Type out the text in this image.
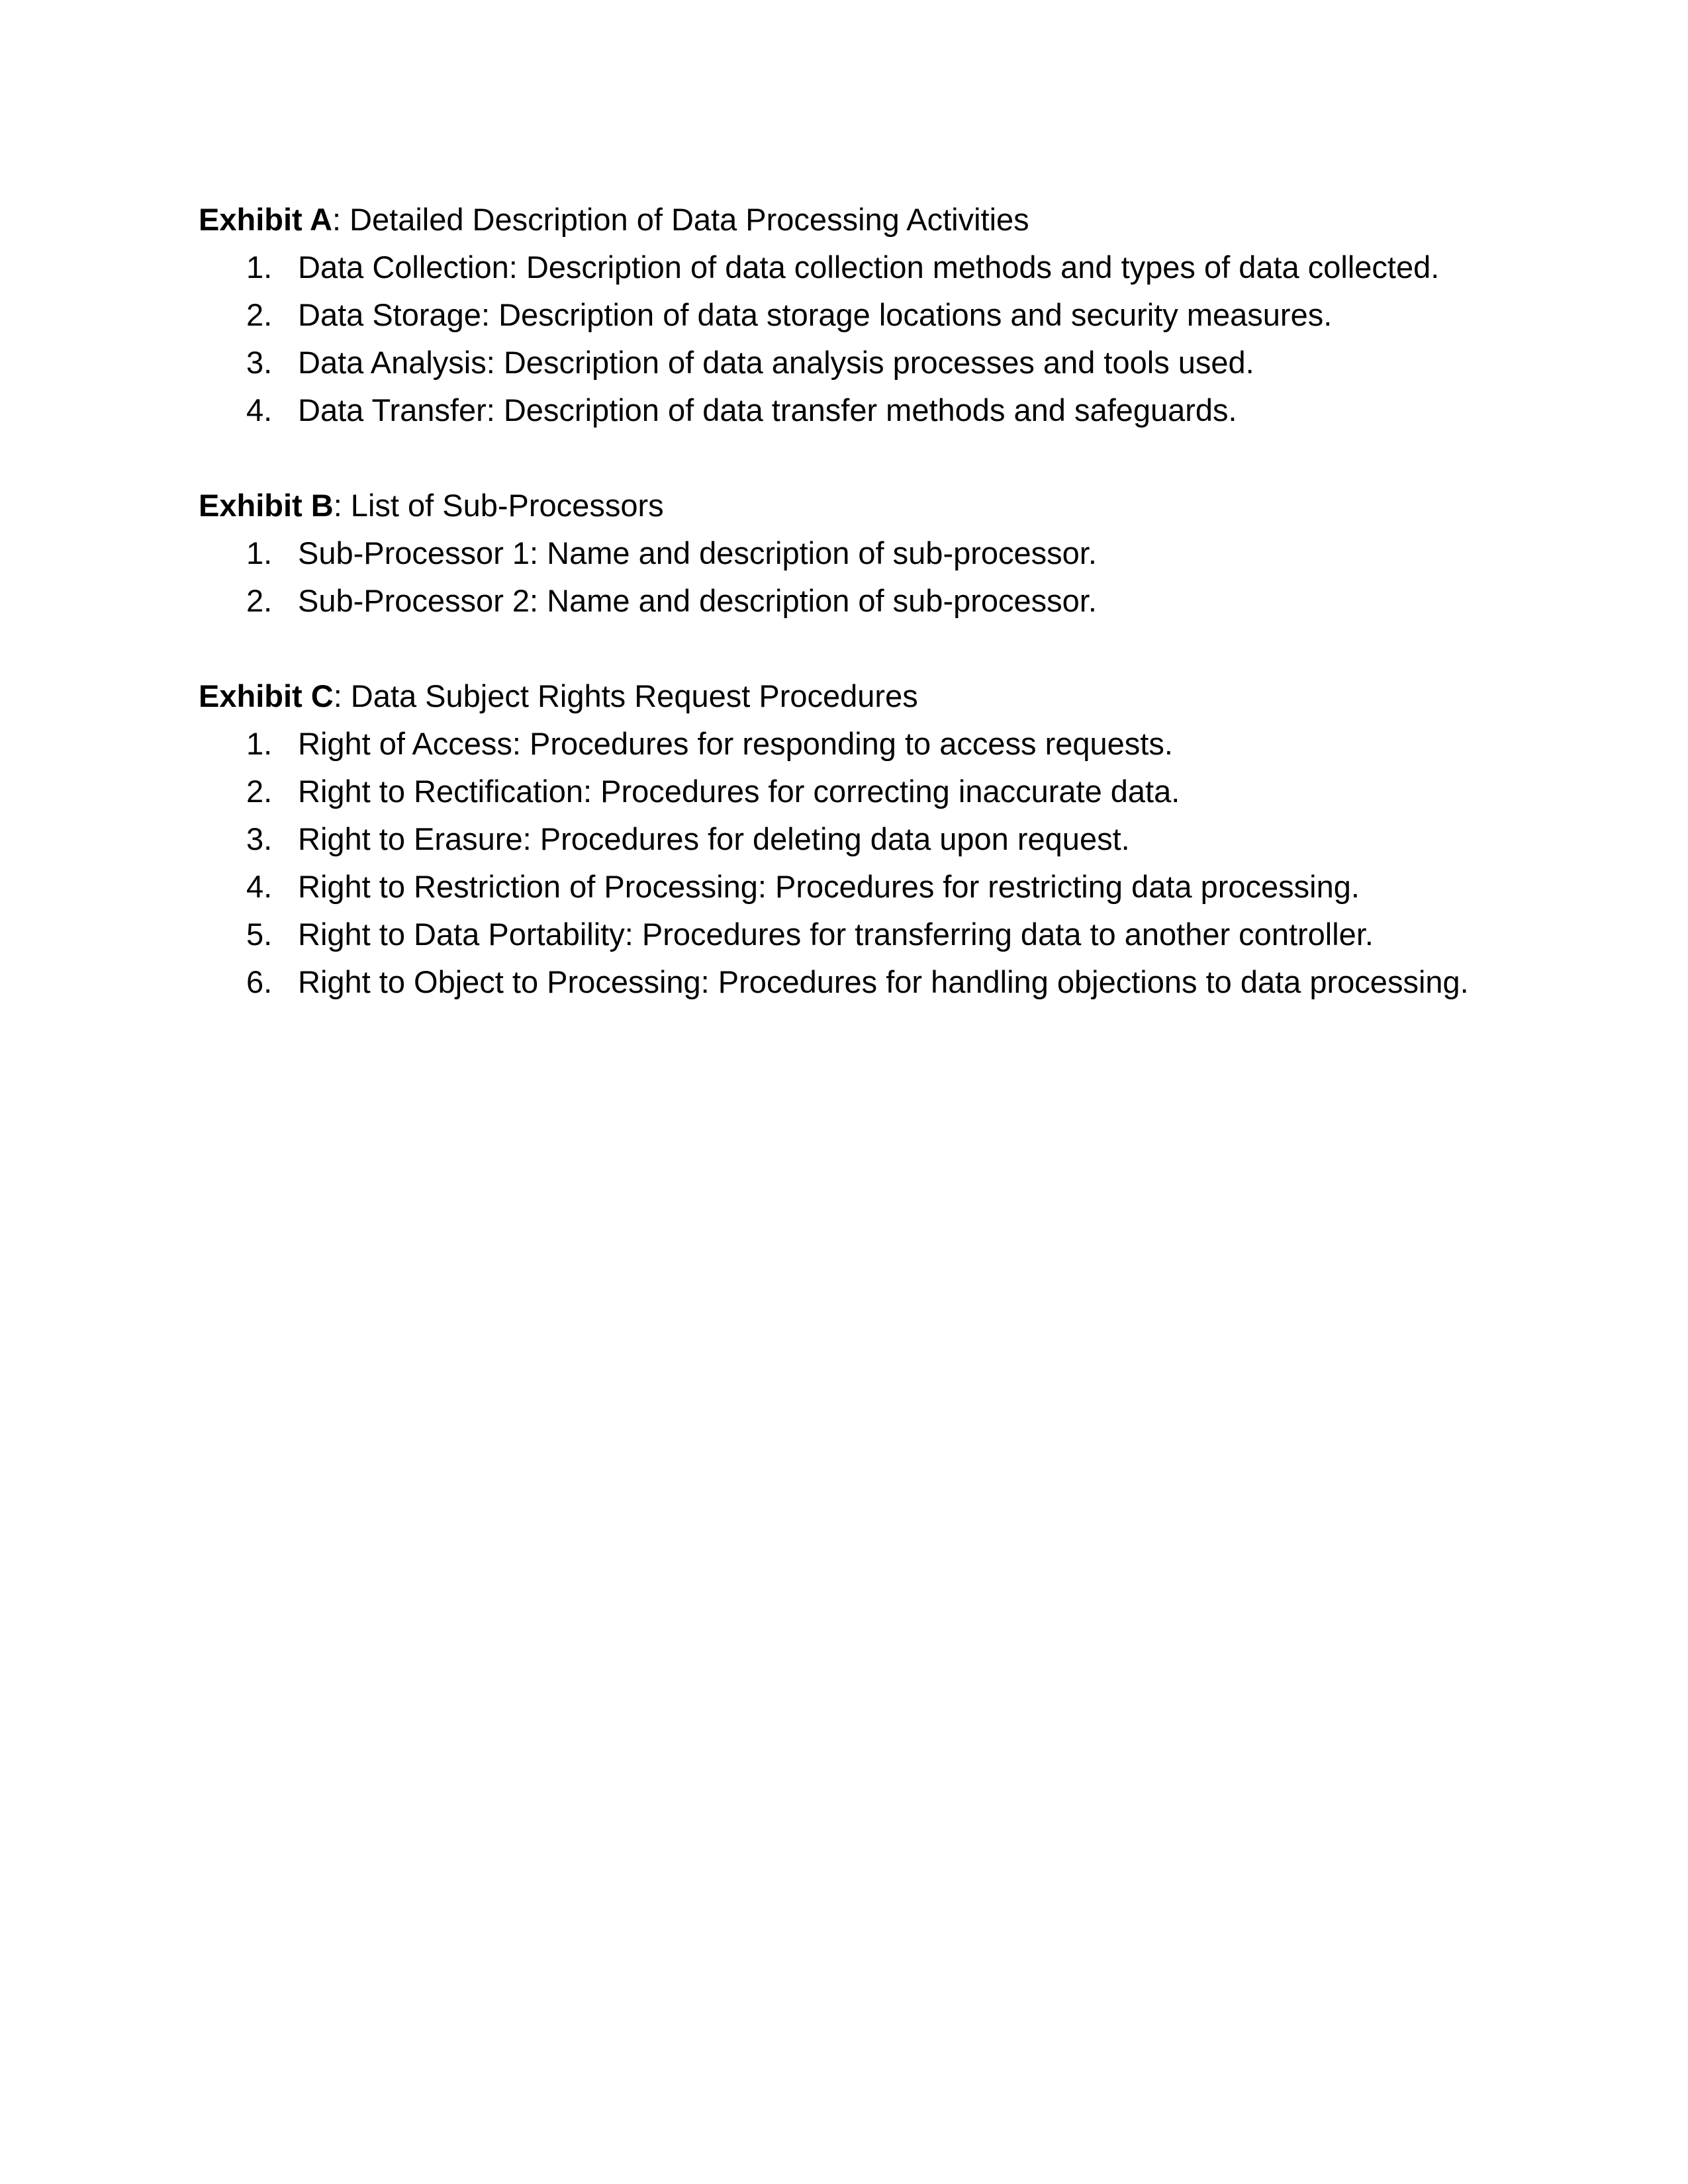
Exhibit A: Detailed Description of Data Processing Activities

1. Data Collection: Description of data collection methods and types of data collected.
2. Data Storage: Description of data storage locations and security measures.
3. Data Analysis: Description of data analysis processes and tools used.
4. Data Transfer: Description of data transfer methods and safeguards.

Exhibit B: List of Sub-Processors

1. Sub-Processor 1: Name and description of sub-processor.
2. Sub-Processor 2: Name and description of sub-processor.

Exhibit C: Data Subject Rights Request Procedures

1. Right of Access: Procedures for responding to access requests.
2. Right to Rectification: Procedures for correcting inaccurate data.
3. Right to Erasure: Procedures for deleting data upon request.
4. Right to Restriction of Processing: Procedures for restricting data processing.
5. Right to Data Portability: Procedures for transferring data to another controller.
6. Right to Object to Processing: Procedures for handling objections to data processing.
